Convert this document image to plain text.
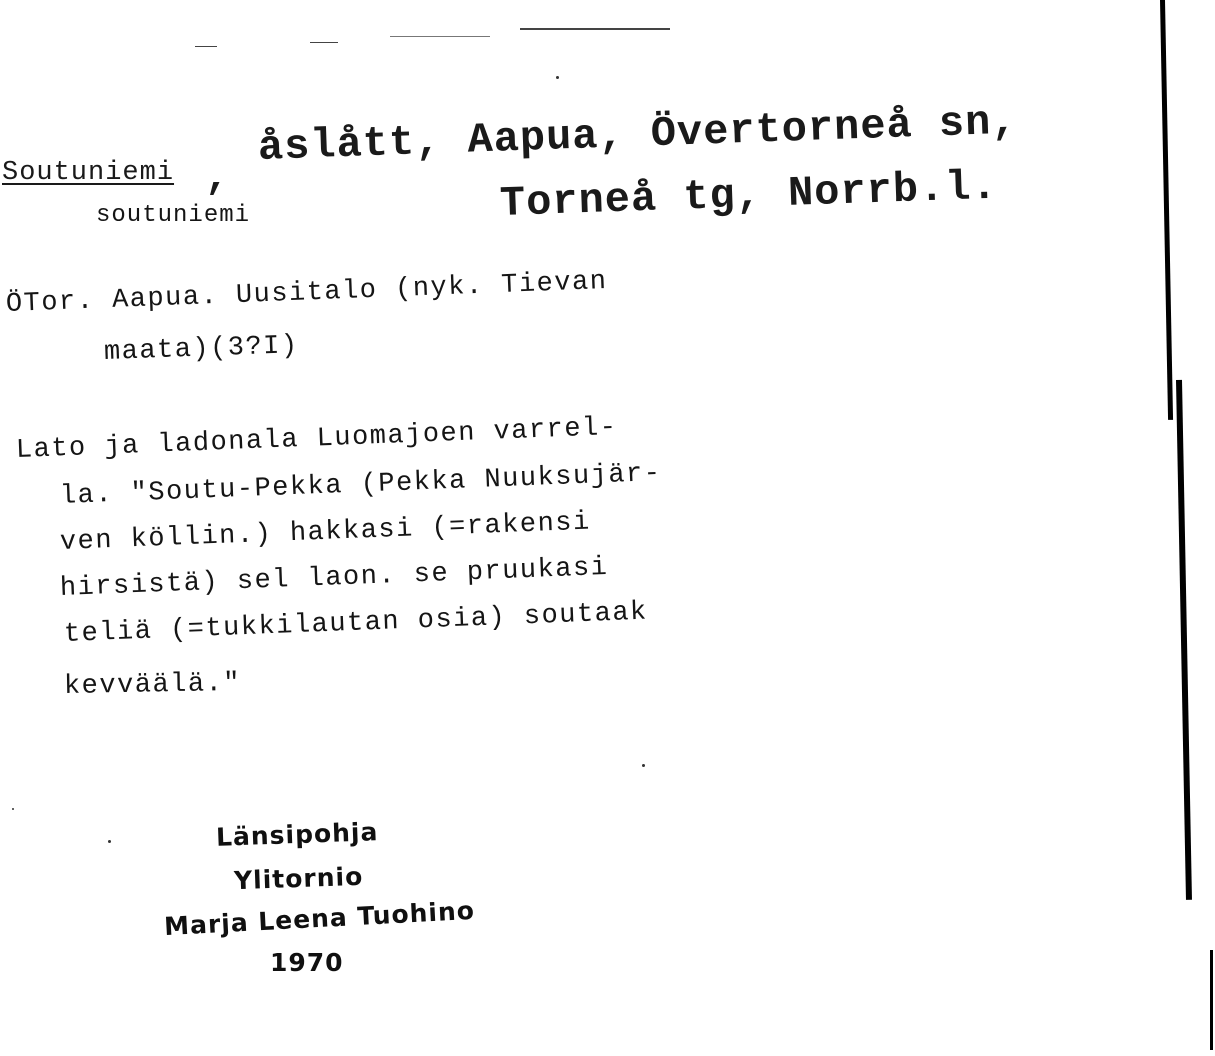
Soutuniemi ,
åslått, Aapua, Övertorneå sn,
Torneå tg, Norrb.l.
soutuniemi
ÖTor. Aapua. Uusitalo (nyk. Tievan
maata)(3?I)
Lato ja ladonala Luomajoen varrel-
la. "Soutu-Pekka (Pekka Nuuksujär-
ven köllin.) hakkasi (=rakensi
hirsistä) sel laon. se pruukasi
teliä (=tukkilautan osia) soutaak
kevväälä."
Länsipohja
Ylitornio
Marja Leena Tuohino
1970
